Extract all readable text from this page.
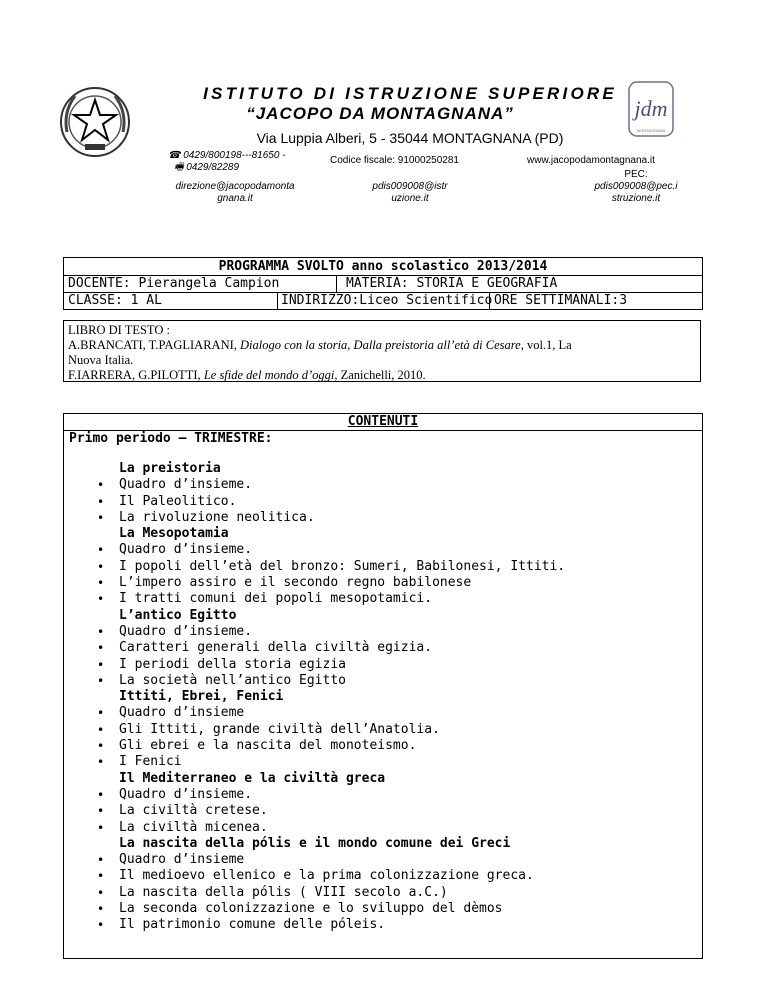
jdm
MONTAGNANA
ISTITUTO DI ISTRUZIONE SUPERIORE
“JACOPO DA MONTAGNANA”
Via Luppia Alberi, 5 - 35044 MONTAGNANA (PD)
☎ 0429/800198---81650 -
🖷 0429/82289
Codice fiscale: 91000250281	www.jacopodamontagnana.it
direzione@jacopodamonta
gnana.it
pdis009008@istr
uzione.it
PEC:
pdis009008@pec.i
struzione.it
PROGRAMMA SVOLTO anno scolastico 2013/2014
DOCENTE: Pierangela Campion	MATERIA: STORIA E GEOGRAFIA
CLASSE: 1 AL	INDIRIZZO:Liceo Scientifico ORE SETTIMANALI:3
LIBRO DI TESTO :
A.BRANCATI, T.PAGLIARANI, Dialogo con la storia, Dalla preistoria all’età di Cesare, vol.1, La
Nuova Italia.
F.IARRERA, G.PILOTTI, Le sfide del mondo d’oggi, Zanichelli, 2010.
CONTENUTI
Primo periodo – TRIMESTRE:
La preistoria
• Quadro d’insieme.
• Il Paleolitico.
• La rivoluzione neolitica.
La Mesopotamia
• Quadro d’insieme.
• I popoli dell’età del bronzo: Sumeri, Babilonesi, Ittiti.
• L’impero assiro e il secondo regno babilonese
• I tratti comuni dei popoli mesopotamici.
L’antico Egitto
• Quadro d’insieme.
• Caratteri generali della civiltà egizia.
• I periodi della storia egizia
• La società nell’antico Egitto
Ittiti, Ebrei, Fenici
• Quadro d’insieme
• Gli Ittiti, grande civiltà dell’Anatolia.
• Gli ebrei e la nascita del monoteismo.
• I Fenici
Il Mediterraneo e la civiltà greca
• Quadro d’insieme.
• La civiltà cretese.
• La civiltà micenea.
La nascita della pólis e il mondo comune dei Greci
• Quadro d’insieme
• Il medioevo ellenico e la prima colonizzazione greca.
• La nascita della pólis ( VIII secolo a.C.)
• La seconda colonizzazione e lo sviluppo del dèmos
• Il patrimonio comune delle póleis.
